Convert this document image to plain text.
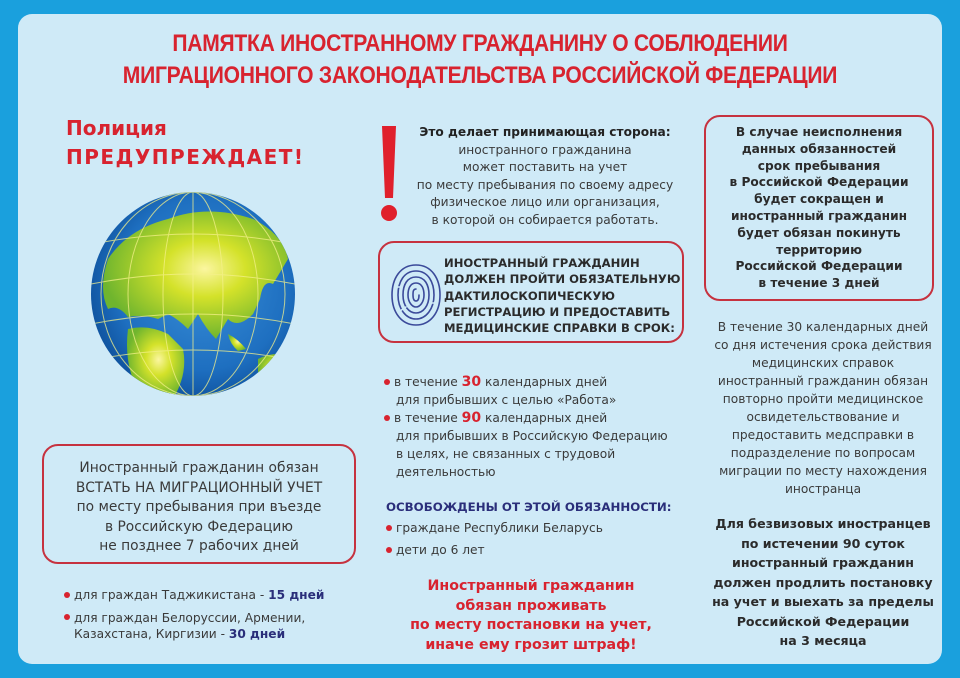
ПАМЯТКА ИНОСТРАННОМУ ГРАЖДАНИНУ О СОБЛЮДЕНИИ
МИГРАЦИОННОГО ЗАКОНОДАТЕЛЬСТВА РОССИЙСКОЙ ФЕДЕРАЦИИ
Полиция
ПРЕДУПРЕЖДАЕТ!
Иностранный гражданин обязан
ВСТАТЬ НА МИГРАЦИОННЫЙ УЧЕТ
по месту пребывания при въезде
в Российскую Федерацию
не позднее 7 рабочих дней
для граждан Таджикистана - 15 дней
для граждан Белоруссии, Армении,
Казахстана, Киргизии - 30 дней
Это делает принимающая сторона:
иностранного гражданина
может поставить на учет
по месту пребывания по своему адресу
физическое лицо или организация,
в которой он собирается работать.
ИНОСТРАННЫЙ ГРАЖДАНИН
ДОЛЖЕН ПРОЙТИ ОБЯЗАТЕЛЬНУЮ
ДАКТИЛОСКОПИЧЕСКУЮ
РЕГИСТРАЦИЮ И ПРЕДОСТАВИТЬ
МЕДИЦИНСКИЕ СПРАВКИ В СРОК:
в течение 30 календарных дней
для прибывших с целью «Работа»
в течение 90 календарных дней
для прибывших в Российскую Федерацию
в целях, не связанных с трудовой
деятельностью
ОСВОБОЖДЕНЫ ОТ ЭТОЙ ОБЯЗАННОСТИ:
граждане Республики Беларусь
дети до 6 лет
Иностранный гражданин
обязан проживать
по месту постановки на учет,
иначе ему грозит штраф!
В случае неисполнения
данных обязанностей
срок пребывания
в Российской Федерации
будет сокращен и
иностранный гражданин
будет обязан покинуть
территорию
Российской Федерации
в течение 3 дней
В течение 30 календарных дней
со дня истечения срока действия
медицинских справок
иностранный гражданин обязан
повторно пройти медицинское
освидетельствование и
предоставить медсправки в
подразделение по вопросам
миграции по месту нахождения
иностранца
Для безвизовых иностранцев
по истечении 90 суток
иностранный гражданин
должен продлить постановку
на учет и выехать за пределы
Российской Федерации
на 3 месяца
